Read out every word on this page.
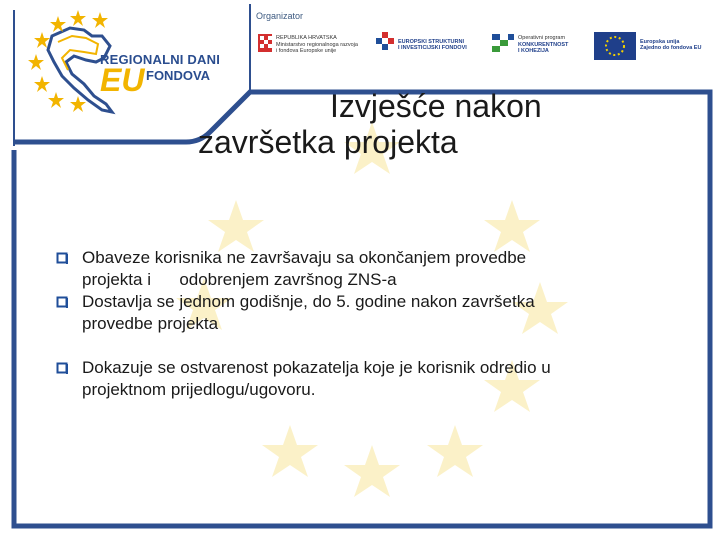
Organizator
REGIONALNI DANI
EU FONDOVA
REPUBLIKA HRVATSKA
Ministarstvo regionalnoga razvoja
i fondova Europske unije
EUROPSKI STRUKTURNI
I INVESTICIJSKI FONDOVI
Operativni program
KONKURENTNOST
I KOHEZIJA
Europska unija
Zajedno do fondova EU
Izvješće nakon
završetka projekta
Obaveze korisnika ne završavaju sa okončanjem provedbe
projekta i      odobrenjem završnog ZNS-a
Dostavlja se jednom godišnje, do 5. godine nakon završetka
provedbe projekta
Dokazuje se ostvarenost pokazatelja koje je korisnik odredio u
projektnom prijedlogu/ugovoru.
